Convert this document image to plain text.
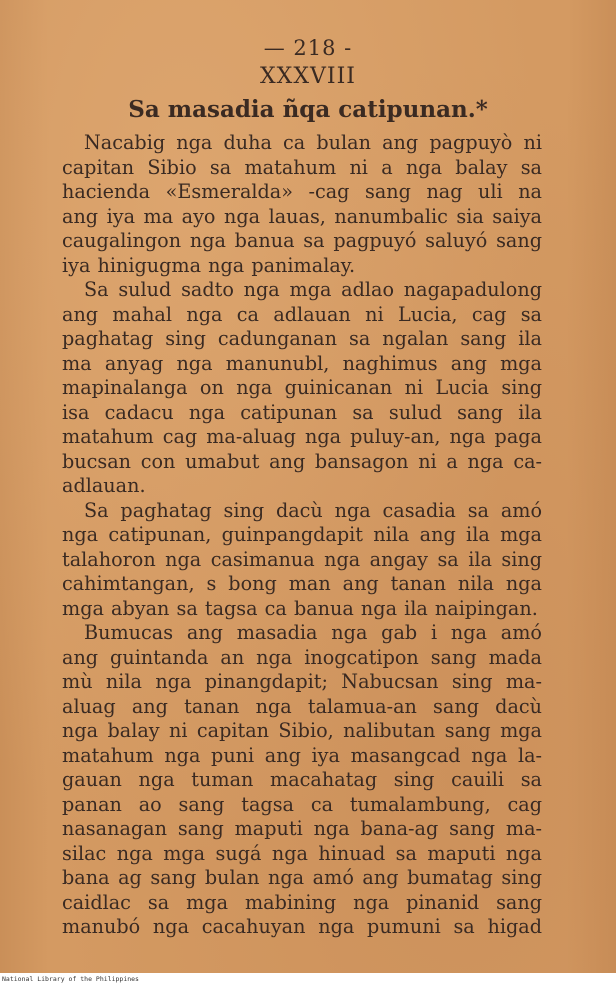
— 218 -
XXXVIII
Sa masadia ñqa catipunan.*
Nacabig nga duha ca bulan ang pagpuyò ni
capitan Sibio sa matahum ni a nga balay sa
hacienda «Esmeralda» -cag sang nag uli na
ang iya ma ayo nga lauas, nanumbalic sia saiya
caugalingon nga banua sa pagpuyó saluyó sang
iya hinigugma nga panimalay.
Sa sulud sadto nga mga adlao nagapadulong
ang mahal nga ca adlauan ni Lucia, cag sa
paghatag sing cadunganan sa ngalan sang ila
ma anyag nga manunubl, naghimus ang mga
mapinalanga on nga guinicanan ni Lucia sing
isa cadacu nga catipunan sa sulud sang ila
matahum cag ma-aluag nga puluy-an, nga paga
bucsan con umabut ang bansagon ni a nga ca-
adlauan.
Sa paghatag sing dacù nga casadia sa amó
nga catipunan, guinpangdapit nila ang ila mga
talahoron nga casimanua nga angay sa ila sing
cahimtangan, s bong man ang tanan nila nga
mga abyan sa tagsa ca banua nga ila naipingan.
Bumucas ang masadia nga gab i nga amó
ang guintanda an nga inogcatipon sang mada
mù nila nga pinangdapit; Nabucsan sing ma-
aluag ang tanan nga talamua-an sang dacù
nga balay ni capitan Sibio, nalibutan sang mga
matahum nga puni ang iya masangcad nga la-
gauan nga tuman macahatag sing cauili sa
panan ao sang tagsa ca tumalambung, cag
nasanagan sang maputi nga bana-ag sang ma-
silac nga mga sugá nga hinuad sa maputi nga
bana ag sang bulan nga amó ang bumatag sing
caidlac sa mga mabining nga pinanid sang
manubó nga cacahuyan nga pumuni sa higad
National Library of the Philippines
